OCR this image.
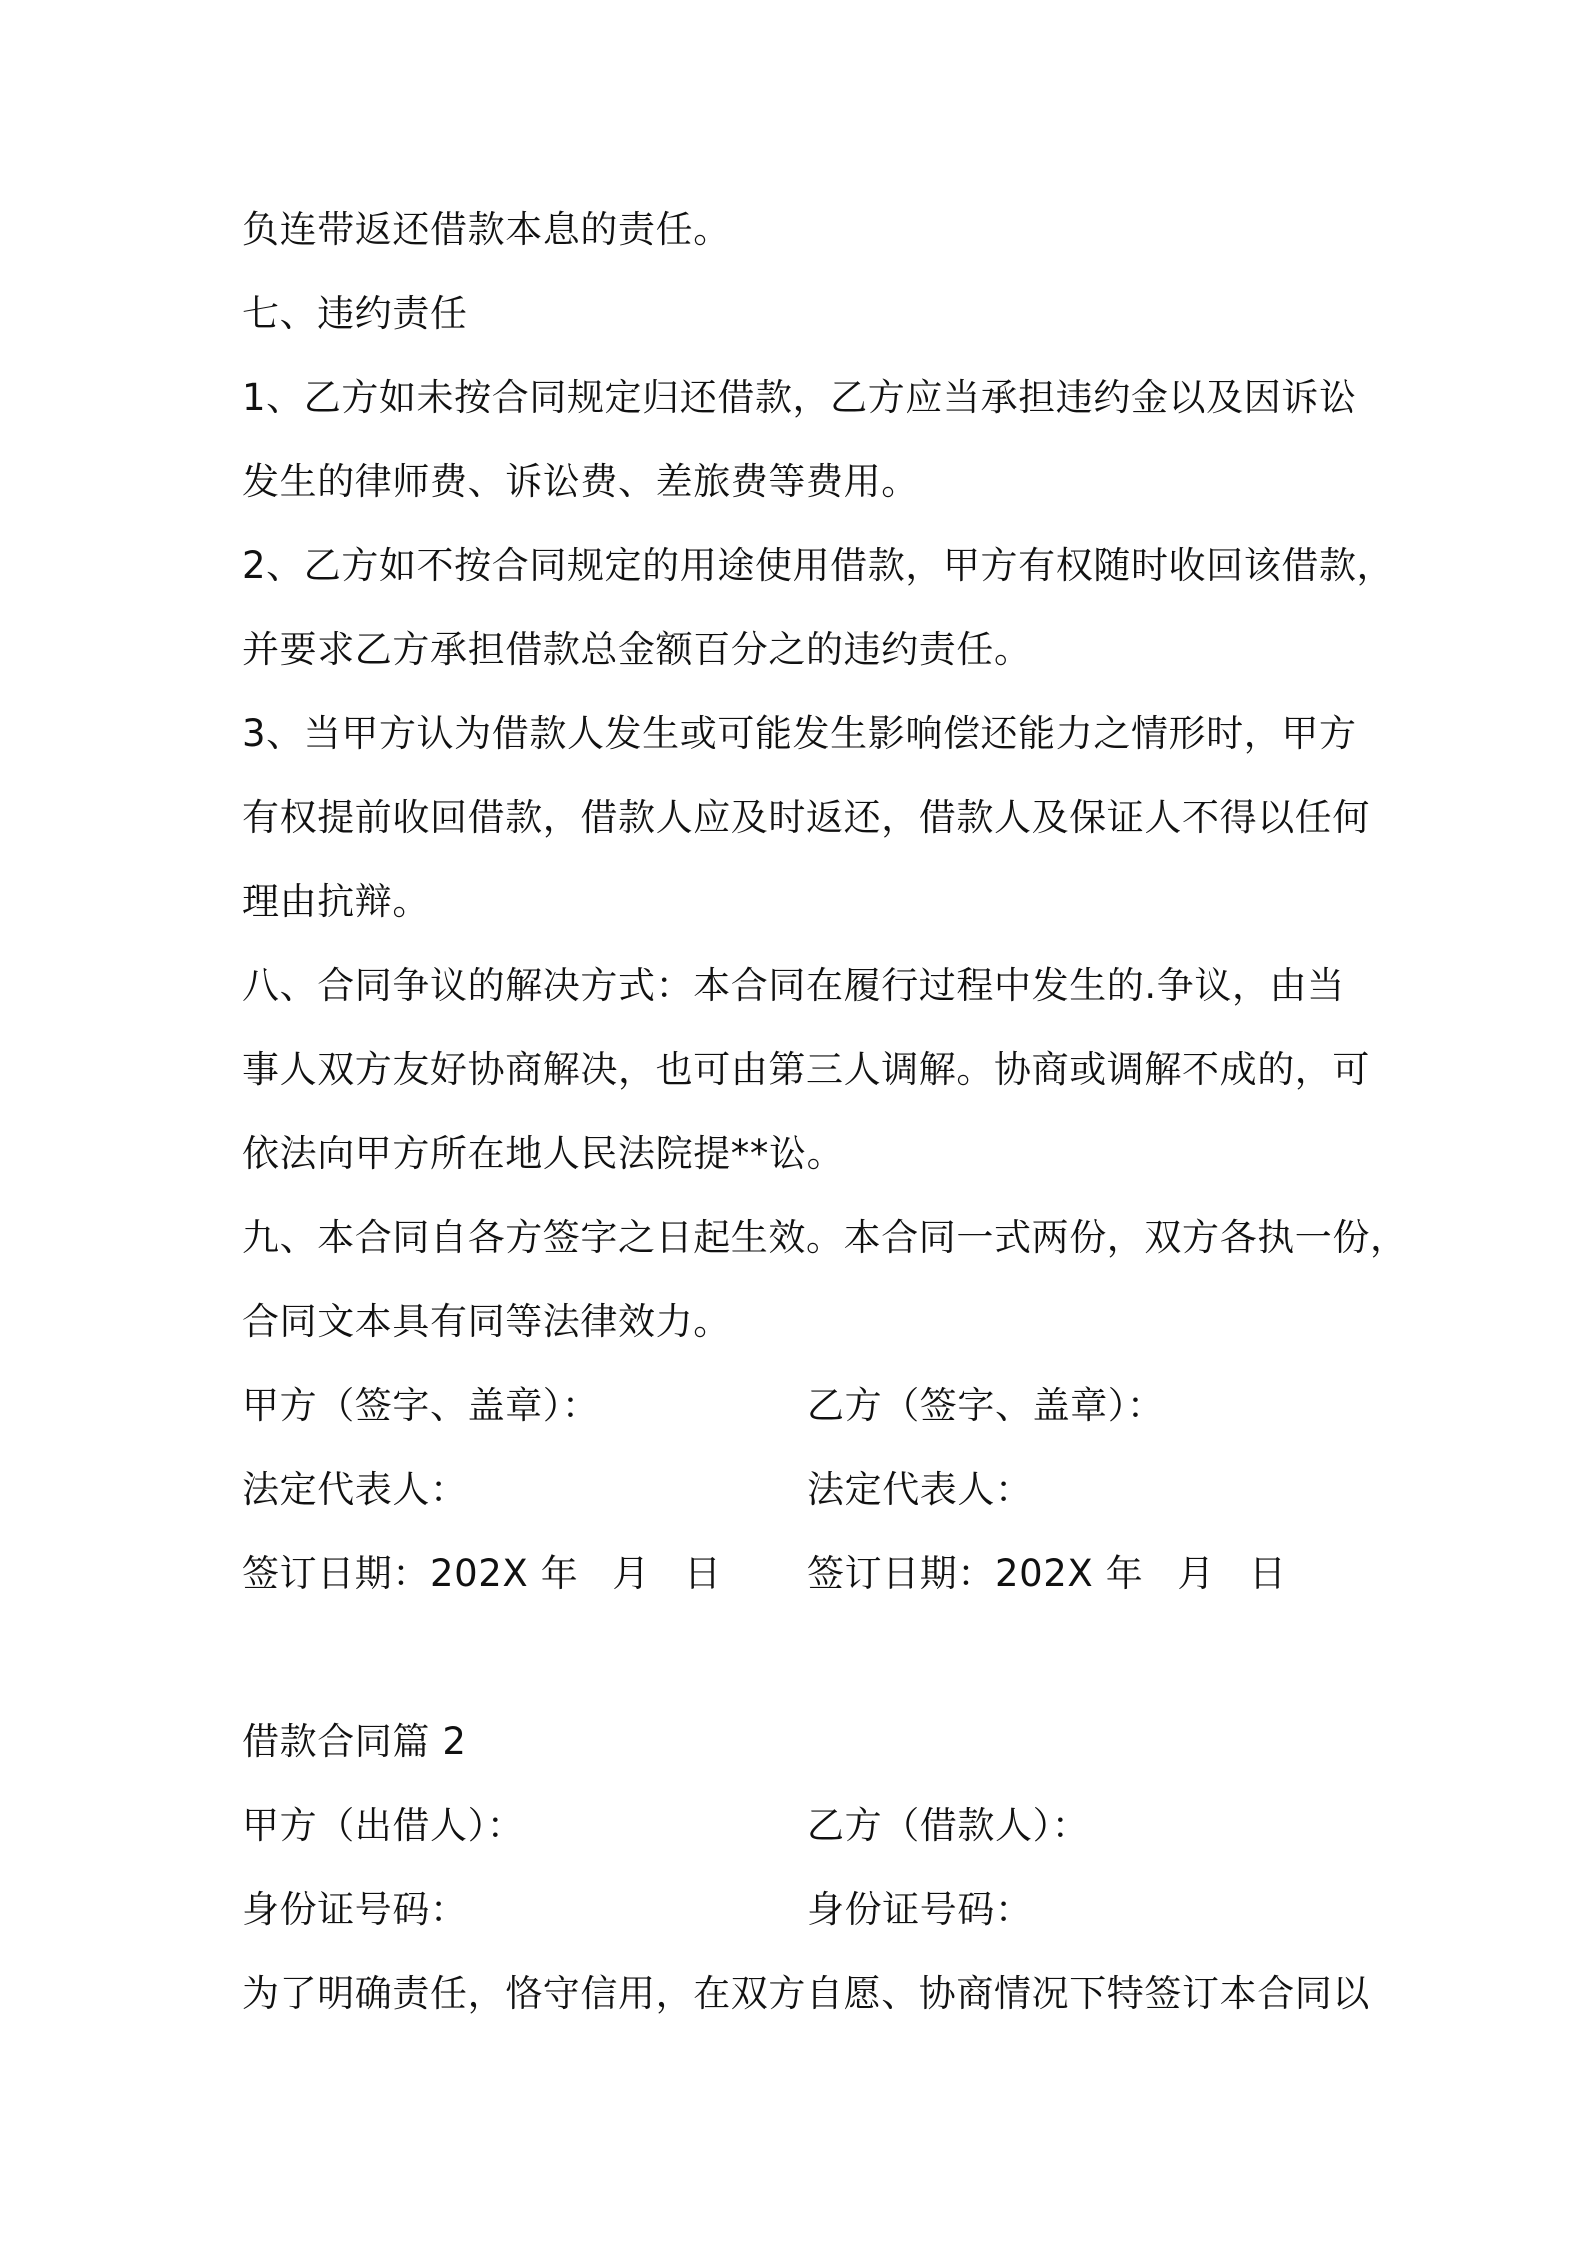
负连带返还借款本息的责任。

七、违约责任

1、乙方如未按合同规定归还借款，乙方应当承担违约金以及因诉讼

发生的律师费、诉讼费、差旅费等费用。

2、乙方如不按合同规定的用途使用借款，甲方有权随时收回该借款，

并要求乙方承担借款总金额百分之的违约责任。

3、当甲方认为借款人发生或可能发生影响偿还能力之情形时，甲方

有权提前收回借款，借款人应及时返还，借款人及保证人不得以任何

理由抗辩。

八、合同争议的解决方式：本合同在履行过程中发生的.争议，由当

事人双方友好协商解决，也可由第三人调解。协商或调解不成的，可

依法向甲方所在地人民法院提**讼。

九、本合同自各方签字之日起生效。本合同一式两份，双方各执一份，

合同文本具有同等法律效力。

甲方（签字、盖章）：	乙方（签字、盖章）：

法定代表人：	法定代表人：

签订日期：202X 年 月 日 签订日期：202X 年 月 日

借款合同篇 2

甲方（出借人）：	乙方（借款人）：

身份证号码：	身份证号码：

为了明确责任，恪守信用，在双方自愿、协商情况下特签订本合同以
